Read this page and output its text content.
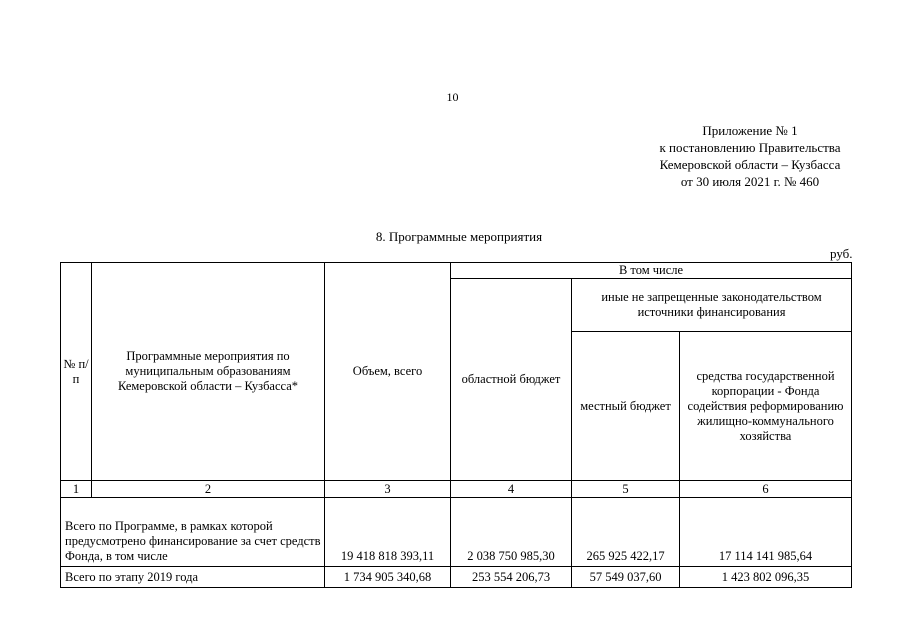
10
Приложение № 1
к постановлению Правительства
Кемеровской области – Кузбасса
от 30 июля 2021 г. № 460
8. Программные мероприятия
руб.
№ п/п	Программные мероприятия по муниципальным образованиям Кемеровской области – Кузбасса*	Объем, всего	В том числе		
			областной бюджет	иные не запрещенные законодательством источники финансирования	
				местный бюджет	средства государственной корпорации - Фонда содействия реформированию жилищно-коммунального хозяйства
1	2	3	4	5	6
Всего по Программе, в рамках которой предусмотрено финансирование за счет средств Фонда, в том числе		19 418 818 393,11	2 038 750 985,30	265 925 422,17	17 114 141 985,64
Всего по этапу 2019 года		1 734 905 340,68	253 554 206,73	57 549 037,60	1 423 802 096,35
